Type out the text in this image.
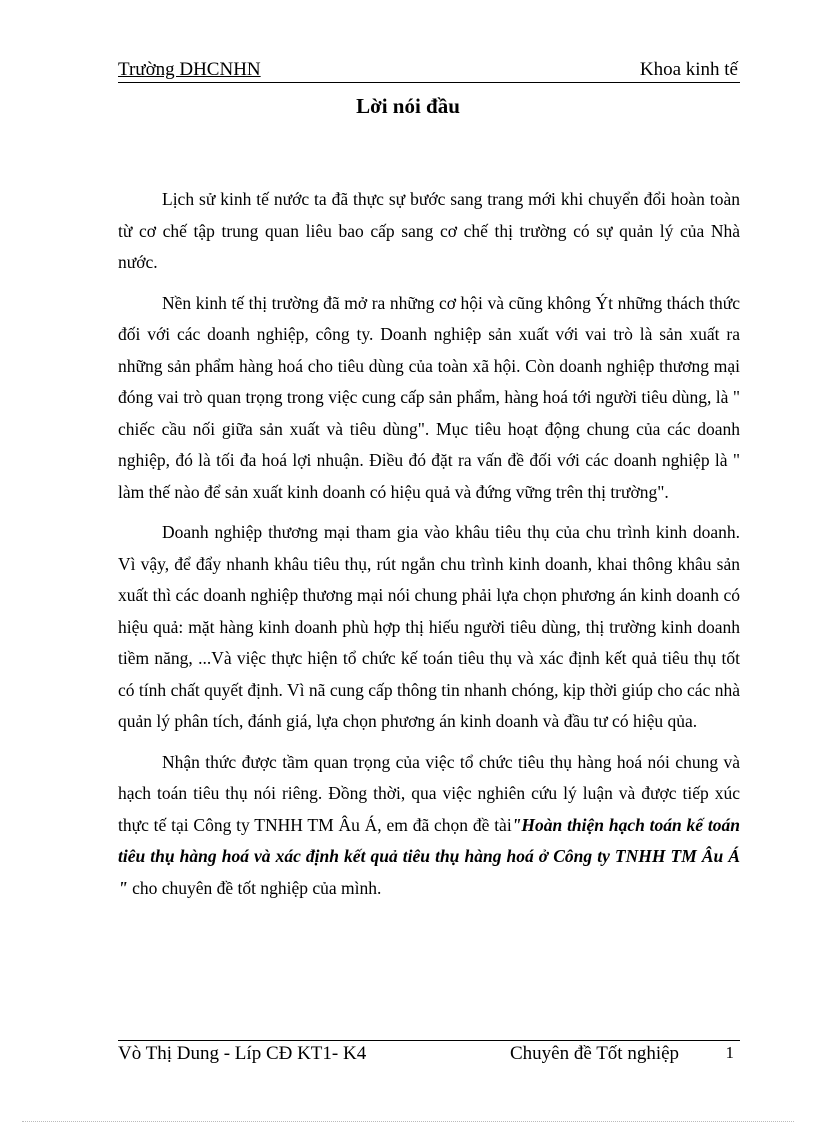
Trường DHCNHN	Khoa kinh tế
Lời nói đầu

Lịch sử kinh tế nước ta đã thực sự bước sang trang mới khi chuyển đổi hoàn toàn từ cơ chế tập trung quan liêu bao cấp sang cơ chế thị trường có sự quản lý của Nhà nước.

Nền kinh tế thị trường đã mở ra những cơ hội và cũng không Ýt những thách thức đối với các doanh nghiệp, công ty. Doanh nghiệp sản xuất với vai trò là sản xuất ra những sản phẩm hàng hoá cho tiêu dùng của toàn xã hội. Còn doanh nghiệp thương mại đóng vai trò quan trọng trong việc cung cấp sản phẩm, hàng hoá tới người tiêu dùng, là " chiếc cầu nối giữa sản xuất và tiêu dùng". Mục tiêu hoạt động chung của các doanh nghiệp, đó là tối đa hoá lợi nhuận. Điều đó đặt ra vấn đề đối với các doanh nghiệp là " làm thế nào để sản xuất kinh doanh có hiệu quả và đứng vững trên thị trường".

Doanh nghiệp thương mại tham gia vào khâu tiêu thụ của chu trình kinh doanh. Vì vậy, để đẩy nhanh khâu tiêu thụ, rút ngắn chu trình kinh doanh, khai thông khâu sản xuất thì các doanh nghiệp thương mại nói chung phải lựa chọn phương án kinh doanh có hiệu quả: mặt hàng kinh doanh phù hợp thị hiếu người tiêu dùng, thị trường kinh doanh tiềm năng, ...Và việc thực hiện tổ chức kế toán tiêu thụ và xác định kết quả tiêu thụ tốt có tính chất quyết định. Vì nã cung cấp thông tin nhanh chóng, kịp thời giúp cho các nhà quản lý phân tích, đánh giá, lựa chọn phương án kinh doanh và đầu tư có hiệu qủa.

Nhận thức được tầm quan trọng của việc tổ chức tiêu thụ hàng hoá nói chung và hạch toán tiêu thụ nói riêng. Đồng thời, qua việc nghiên cứu lý luận và được tiếp xúc thực tế tại Công ty TNHH TM Âu Á, em đã chọn đề tài"Hoàn thiện hạch toán kế toán tiêu thụ hàng hoá và xác định kết quả tiêu thụ hàng hoá ở Công ty TNHH TM Âu Á " cho chuyên đề tốt nghiệp của mình.

Vò Thị Dung - Líp CĐ KT1- K4	Chuyên đề Tốt nghiệp	1
